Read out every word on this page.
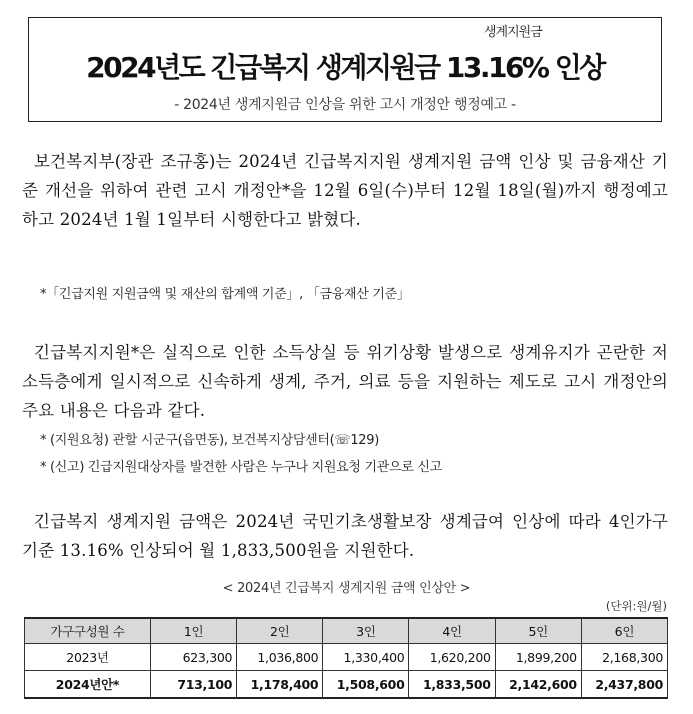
생계지원금
2024년도 긴급복지 생계지원금 13.16% 인상
- 2024년 생계지원금 인상을 위한 고시 개정안 행정예고 -
보건복지부(장관 조규홍)는 2024년 긴급복지지원 생계지원 금액 인상 및 금융재산 기준 개선을 위하여 관련 고시 개정안*을 12월 6일(수)부터 12월 18일(월)까지 행정예고하고 2024년 1월 1일부터 시행한다고 밝혔다.
*「긴급지원 지원금액 및 재산의 합계액 기준」, 「금융재산 기준」
긴급복지지원*은 실직으로 인한 소득상실 등 위기상황 발생으로 생계유지가 곤란한 저소득층에게 일시적으로 신속하게 생계, 주거, 의료 등을 지원하는 제도로 고시 개정안의 주요 내용은 다음과 같다.
* (지원요청) 관할 시군구(읍면동), 보건복지상담센터(☏129)
* (신고) 긴급지원대상자를 발견한 사람은 누구나 지원요청 기관으로 신고
긴급복지 생계지원 금액은 2024년 국민기초생활보장 생계급여 인상에 따라 4인가구 기준 13.16% 인상되어 월 1,833,500원을 지원한다.
< 2024년 긴급복지 생계지원 금액 인상안 >
(단위:원/월)
가구구성원 수	1인	2인	3인	4인	5인	6인
2023년	623,300	1,036,800	1,330,400	1,620,200	1,899,200	2,168,300
2024년안*	713,100	1,178,400	1,508,600	1,833,500	2,142,600	2,437,800
